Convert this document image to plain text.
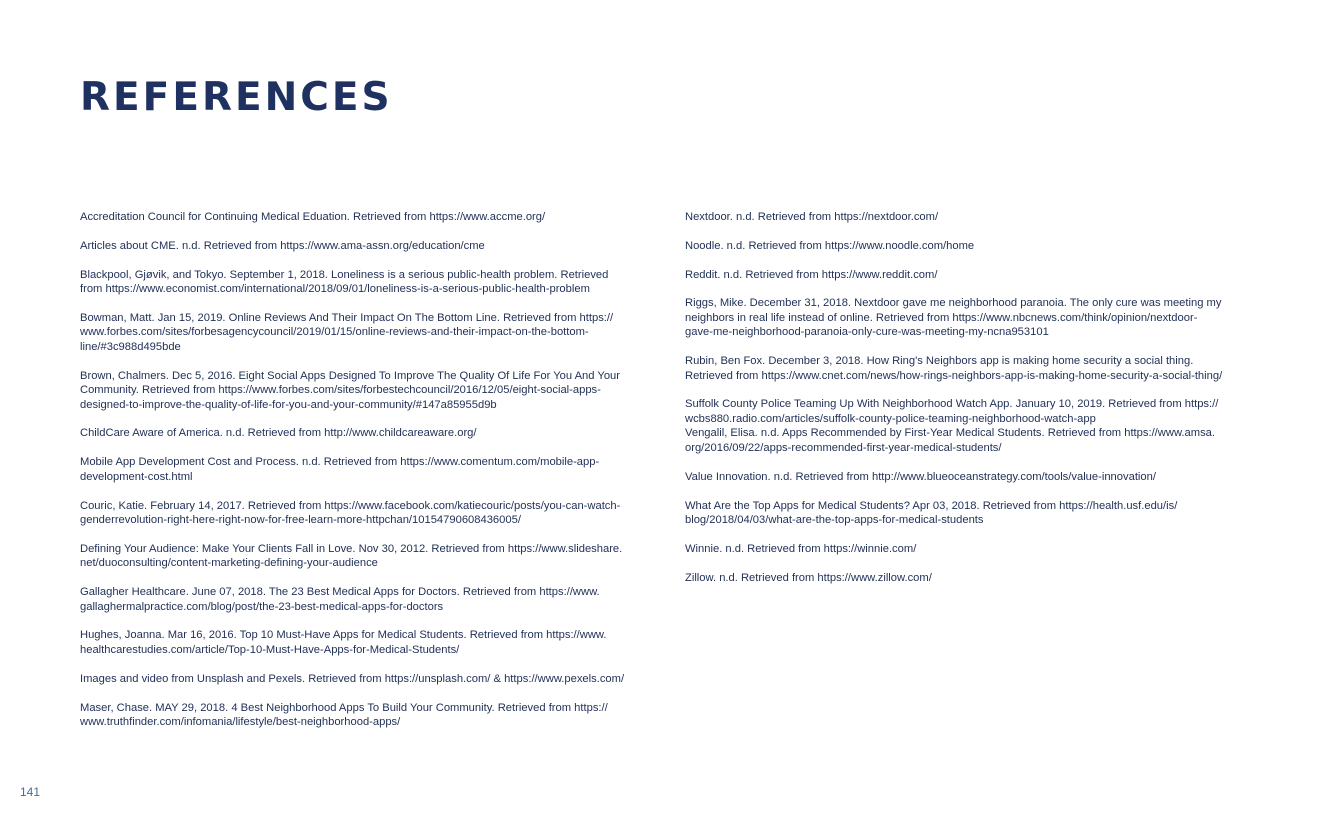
REFERENCES

Accreditation Council for Continuing Medical Eduation. Retrieved from https://www.accme.org/

Articles about CME. n.d. Retrieved from https://www.ama-assn.org/education/cme

Blackpool, Gjøvik, and Tokyo. September 1, 2018. Loneliness is a serious public-health problem. Retrieved
from https://www.economist.com/international/2018/09/01/loneliness-is-a-serious-public-health-problem

Bowman, Matt. Jan 15, 2019. Online Reviews And Their Impact On The Bottom Line. Retrieved from https://
www.forbes.com/sites/forbesagencycouncil/2019/01/15/online-reviews-and-their-impact-on-the-bottom-
line/#3c988d495bde

Brown, Chalmers. Dec 5, 2016. Eight Social Apps Designed To Improve The Quality Of Life For You And Your
Community. Retrieved from https://www.forbes.com/sites/forbestechcouncil/2016/12/05/eight-social-apps-
designed-to-improve-the-quality-of-life-for-you-and-your-community/#147a85955d9b

ChildCare Aware of America. n.d. Retrieved from http://www.childcareaware.org/

Mobile App Development Cost and Process. n.d. Retrieved from https://www.comentum.com/mobile-app-
development-cost.html

Couric, Katie. February 14, 2017. Retrieved from https://www.facebook.com/katiecouric/posts/you-can-watch-
genderrevolution-right-here-right-now-for-free-learn-more-httpchan/10154790608436005/

Defining Your Audience: Make Your Clients Fall in Love. Nov 30, 2012. Retrieved from https://www.slideshare.
net/duoconsulting/content-marketing-defining-your-audience

Gallagher Healthcare. June 07, 2018. The 23 Best Medical Apps for Doctors. Retrieved from https://www.
gallaghermalpractice.com/blog/post/the-23-best-medical-apps-for-doctors

Hughes, Joanna. Mar 16, 2016. Top 10 Must-Have Apps for Medical Students. Retrieved from https://www.
healthcarestudies.com/article/Top-10-Must-Have-Apps-for-Medical-Students/

Images and video from Unsplash and Pexels. Retrieved from https://unsplash.com/ & https://www.pexels.com/

Maser, Chase. MAY 29, 2018. 4 Best Neighborhood Apps To Build Your Community. Retrieved from https://
www.truthfinder.com/infomania/lifestyle/best-neighborhood-apps/

Nextdoor. n.d. Retrieved from https://nextdoor.com/

Noodle. n.d. Retrieved from https://www.noodle.com/home

Reddit. n.d. Retrieved from https://www.reddit.com/

Riggs, Mike. December 31, 2018. Nextdoor gave me neighborhood paranoia. The only cure was meeting my
neighbors in real life instead of online. Retrieved from https://www.nbcnews.com/think/opinion/nextdoor-
gave-me-neighborhood-paranoia-only-cure-was-meeting-my-ncna953101

Rubin, Ben Fox. December 3, 2018. How Ring's Neighbors app is making home security a social thing.
Retrieved from https://www.cnet.com/news/how-rings-neighbors-app-is-making-home-security-a-social-thing/

Suffolk County Police Teaming Up With Neighborhood Watch App. January 10, 2019. Retrieved from https://
wcbs880.radio.com/articles/suffolk-county-police-teaming-neighborhood-watch-app

Vengalil, Elisa. n.d. Apps Recommended by First-Year Medical Students. Retrieved from https://www.amsa.
org/2016/09/22/apps-recommended-first-year-medical-students/

Value Innovation. n.d. Retrieved from http://www.blueoceanstrategy.com/tools/value-innovation/

What Are the Top Apps for Medical Students? Apr 03, 2018. Retrieved from https://health.usf.edu/is/
blog/2018/04/03/what-are-the-top-apps-for-medical-students

Winnie. n.d. Retrieved from https://winnie.com/

Zillow. n.d. Retrieved from https://www.zillow.com/

141
